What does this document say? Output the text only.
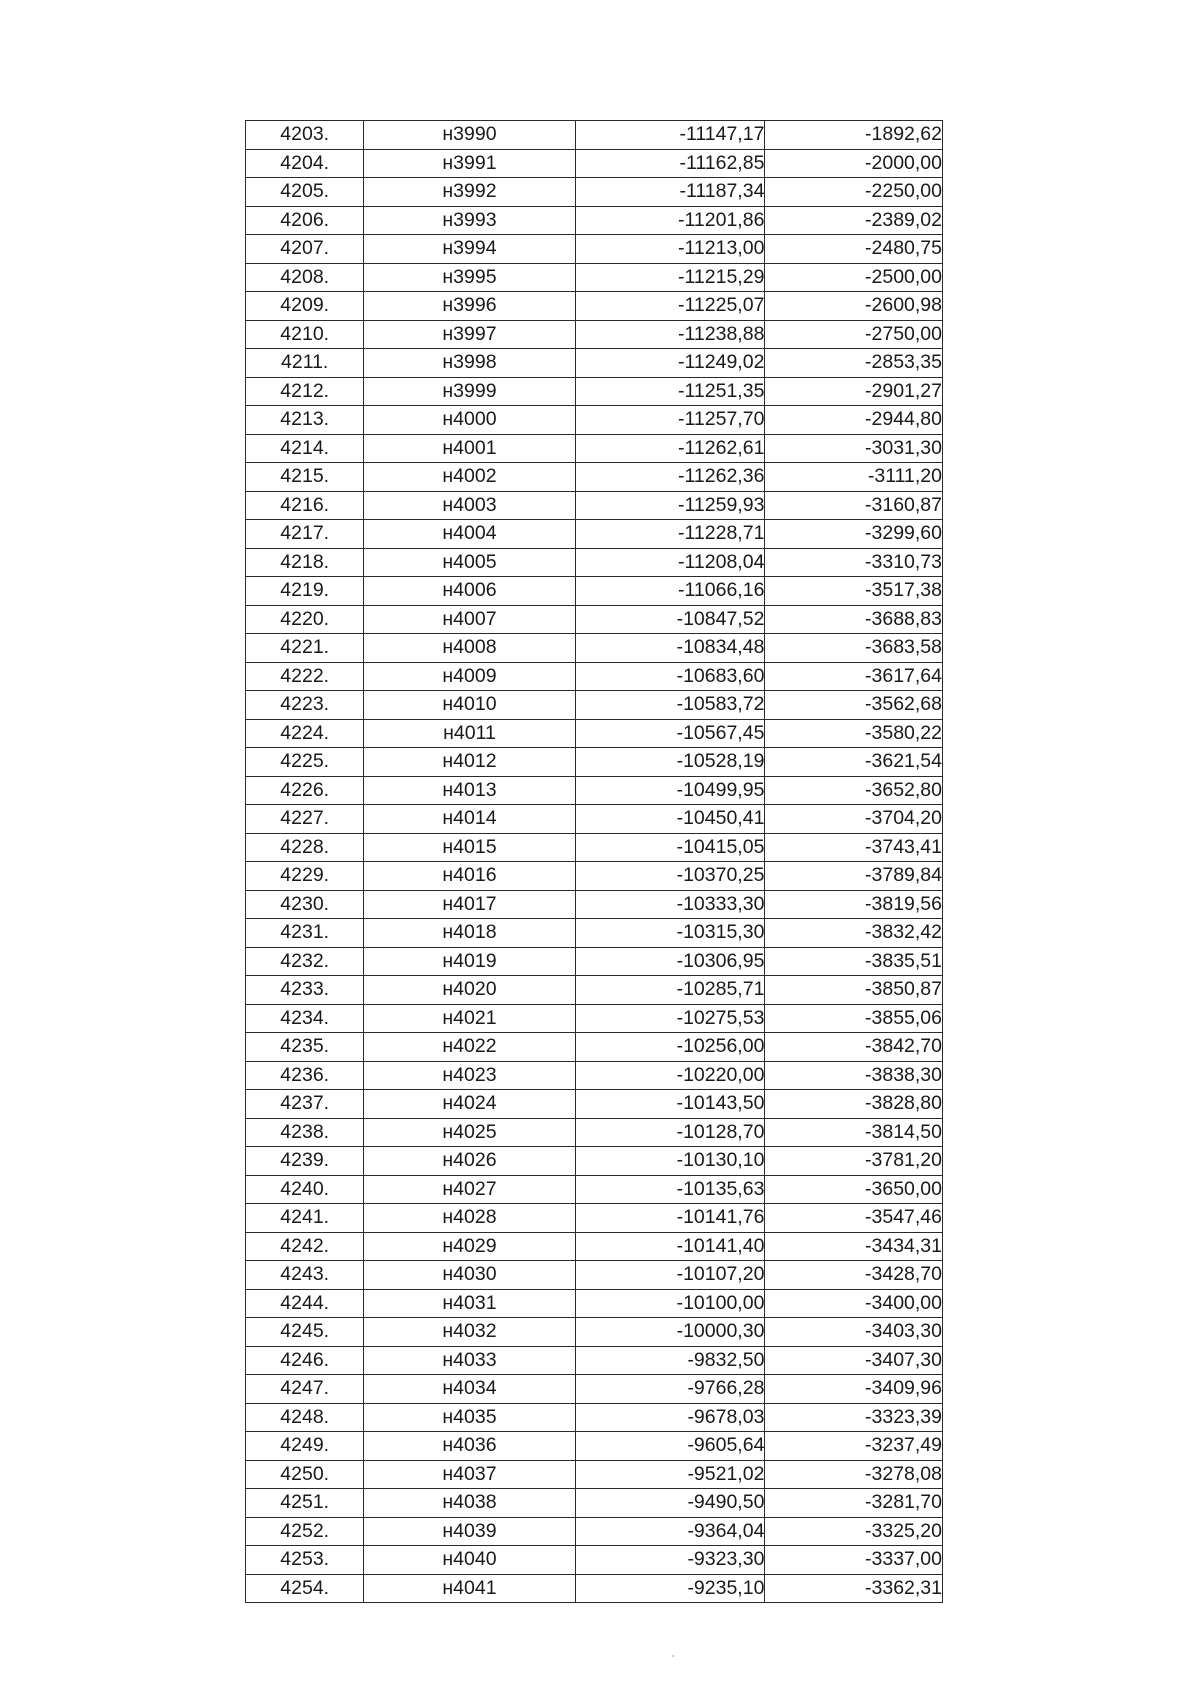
4203.	н3990	-11147,17	-1892,62
4204.	н3991	-11162,85	-2000,00
4205.	н3992	-11187,34	-2250,00
4206.	н3993	-11201,86	-2389,02
4207.	н3994	-11213,00	-2480,75
4208.	н3995	-11215,29	-2500,00
4209.	н3996	-11225,07	-2600,98
4210.	н3997	-11238,88	-2750,00
4211.	н3998	-11249,02	-2853,35
4212.	н3999	-11251,35	-2901,27
4213.	н4000	-11257,70	-2944,80
4214.	н4001	-11262,61	-3031,30
4215.	н4002	-11262,36	-3111,20
4216.	н4003	-11259,93	-3160,87
4217.	н4004	-11228,71	-3299,60
4218.	н4005	-11208,04	-3310,73
4219.	н4006	-11066,16	-3517,38
4220.	н4007	-10847,52	-3688,83
4221.	н4008	-10834,48	-3683,58
4222.	н4009	-10683,60	-3617,64
4223.	н4010	-10583,72	-3562,68
4224.	н4011	-10567,45	-3580,22
4225.	н4012	-10528,19	-3621,54
4226.	н4013	-10499,95	-3652,80
4227.	н4014	-10450,41	-3704,20
4228.	н4015	-10415,05	-3743,41
4229.	н4016	-10370,25	-3789,84
4230.	н4017	-10333,30	-3819,56
4231.	н4018	-10315,30	-3832,42
4232.	н4019	-10306,95	-3835,51
4233.	н4020	-10285,71	-3850,87
4234.	н4021	-10275,53	-3855,06
4235.	н4022	-10256,00	-3842,70
4236.	н4023	-10220,00	-3838,30
4237.	н4024	-10143,50	-3828,80
4238.	н4025	-10128,70	-3814,50
4239.	н4026	-10130,10	-3781,20
4240.	н4027	-10135,63	-3650,00
4241.	н4028	-10141,76	-3547,46
4242.	н4029	-10141,40	-3434,31
4243.	н4030	-10107,20	-3428,70
4244.	н4031	-10100,00	-3400,00
4245.	н4032	-10000,30	-3403,30
4246.	н4033	-9832,50	-3407,30
4247.	н4034	-9766,28	-3409,96
4248.	н4035	-9678,03	-3323,39
4249.	н4036	-9605,64	-3237,49
4250.	н4037	-9521,02	-3278,08
4251.	н4038	-9490,50	-3281,70
4252.	н4039	-9364,04	-3325,20
4253.	н4040	-9323,30	-3337,00
4254.	н4041	-9235,10	-3362,31
